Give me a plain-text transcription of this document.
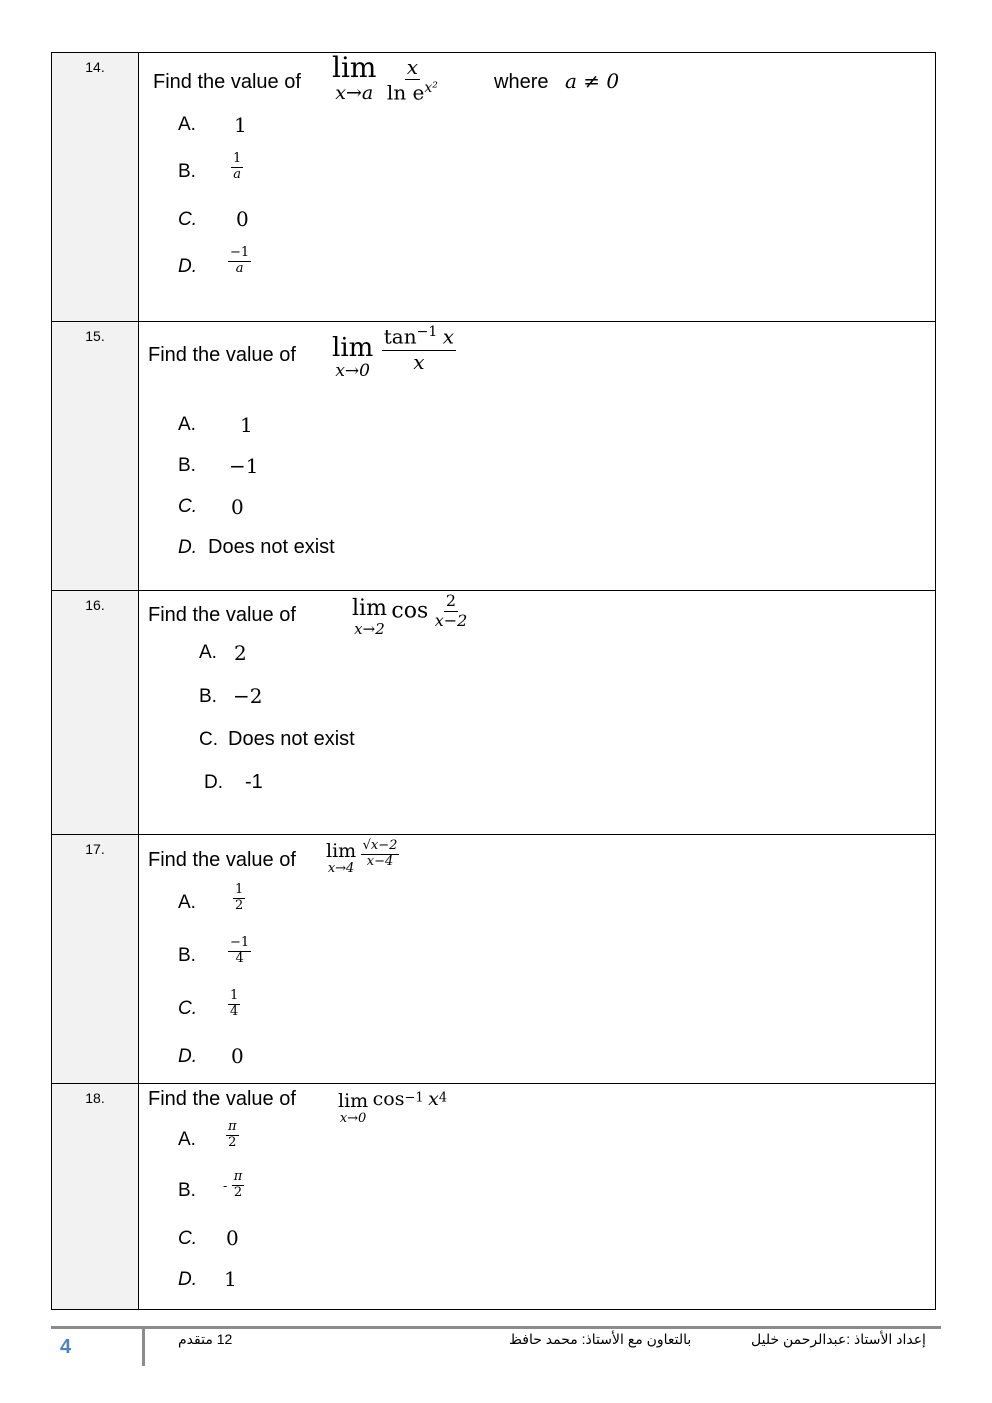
14.
Find the value of lim
x→a
$\frac{x}{\ln e^{x^2}}$	where a ≠ 0
A. 1
B.	$\frac{1}{a}$
C. 0
D. $\frac{-1}{a}$
15.
Find the value of lim
x→0
$\frac{\tan^{-1} x}{x}$
A. 1
B. −1
C. 0
D. Does not exist
16.	Find the value of	lim
x→2
$\cos \frac{2}{x-2}$
A. 2
B. −2
C. Does not exist
D. -1
17.	Find the value of lim
x→4
$\frac{√x-2}{x-4}$
A.	$\frac{1}{2}$
B. $\frac{-1}{4}$
C. $\frac{1}{4}$
D. 0
18.	Find the value of lim
x→0
$\cos^{-1} x^4$
A. $\frac{\pi}{2}$
B. - $\frac{\pi}{2}$
C. 0
D. 1
4	12 متقدم	بالتعاون مع الأستاذ: محمد حافظ	إعداد الأستاذ :عبدالرحمن خليل
